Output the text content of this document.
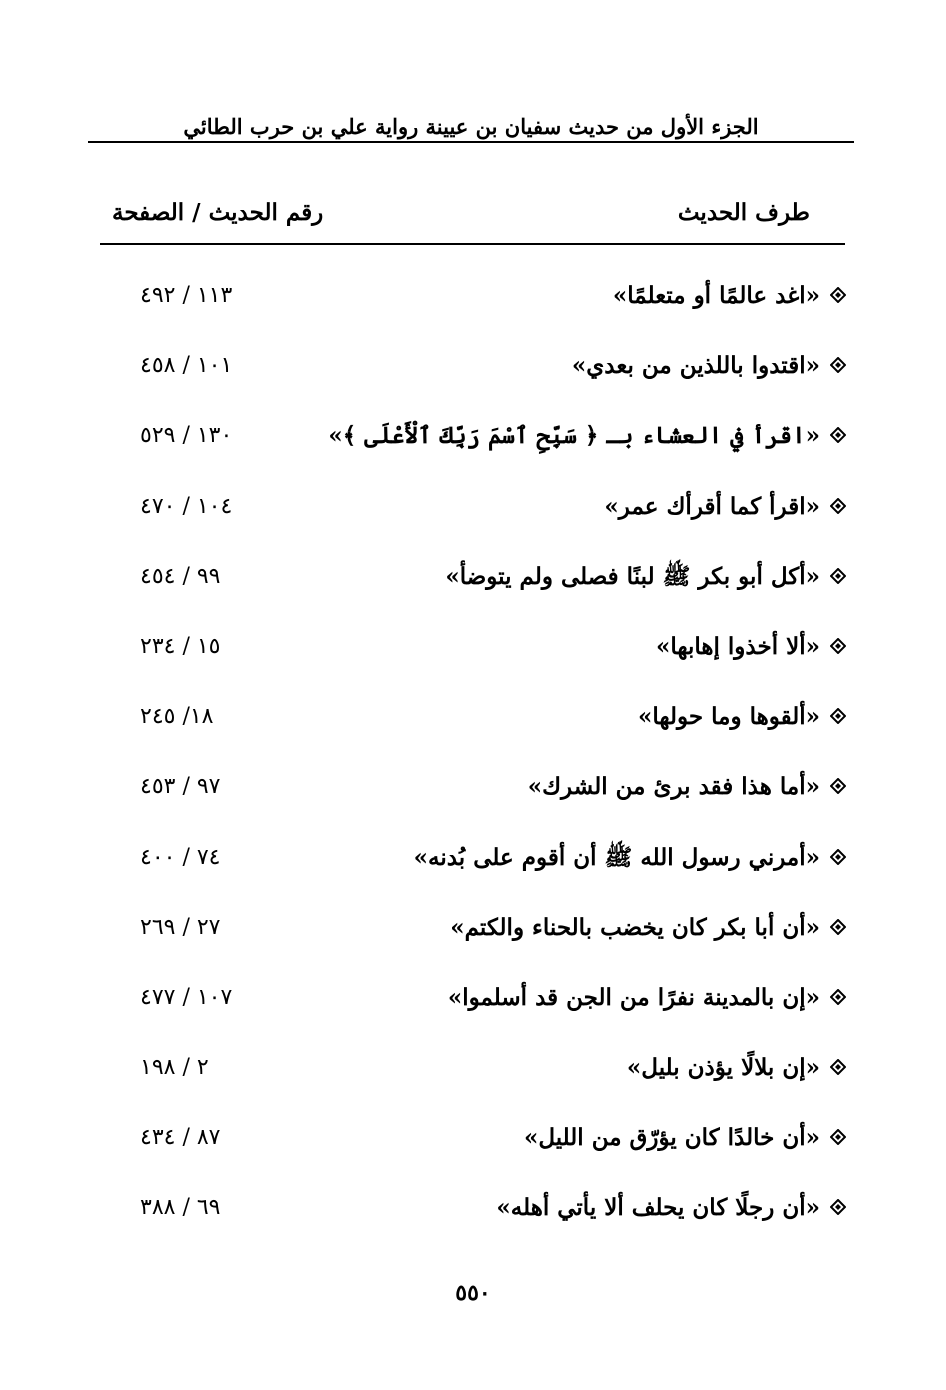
الجزء الأول من حديث سفيان بن عيينة رواية علي بن حرب الطائي
طرف الحديث
رقم الحديث / الصفحة
«اغد عالمًا أو متعلمًا»
١١٣ / ٤٩٢
«اقتدوا باللذين من بعدي»
١٠١ / ٤٥٨
«اقرأ في العشاء بـ ﴿ سَبِّحِ ٱسْمَ رَبِّكَ ٱلْأَعْلَى ﴾»
١٣٠ / ٥٢٩
«اقرأ كما أقرأك عمر»
١٠٤ / ٤٧٠
«أكل أبو بكر ﷺ لبنًا فصلى ولم يتوضأ»
٩٩ / ٤٥٤
«ألا أخذوا إهابها»
١٥ / ٢٣٤
«ألقوها وما حولها»
١٨/ ٢٤٥
«أما هذا فقد برئ من الشرك»
٩٧ / ٤٥٣
«أمرني رسول الله ﷺ أن أقوم على بُدنه»
٧٤ / ٤٠٠
«أن أبا بكر كان يخضب بالحناء والكتم»
٢٧ / ٢٦٩
«إن بالمدينة نفرًا من الجن قد أسلموا»
١٠٧ / ٤٧٧
«إن بلالًا يؤذن بليل»
٢ / ١٩٨
«أن خالدًا كان يؤرّق من الليل»
٨٧ / ٤٣٤
«أن رجلًا كان يحلف ألا يأتي أهله»
٦٩ / ٣٨٨
٥٥٠
